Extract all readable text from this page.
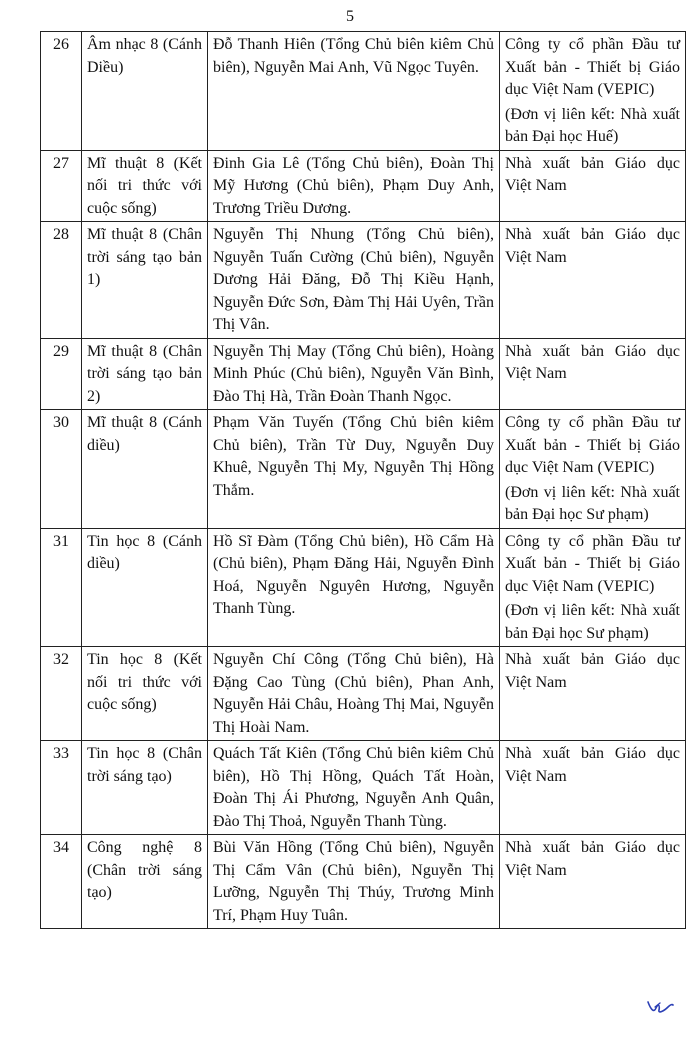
5
26	Âm nhạc 8 (Cánh Diều)	Đỗ Thanh Hiên (Tổng Chủ biên kiêm Chủ biên), Nguyễn Mai Anh, Vũ Ngọc Tuyên.	Công ty cổ phần Đầu tư Xuất bản - Thiết bị Giáo dục Việt Nam (VEPIC)
(Đơn vị liên kết: Nhà xuất bản Đại học Huế)

27	Mĩ thuật 8 (Kết nối tri thức với cuộc sống)	Đinh Gia Lê (Tổng Chủ biên), Đoàn Thị Mỹ Hương (Chủ biên), Phạm Duy Anh, Trương Triều Dương.	Nhà xuất bản Giáo dục Việt Nam

28	Mĩ thuật 8 (Chân trời sáng tạo bản 1)	Nguyễn Thị Nhung (Tổng Chủ biên), Nguyễn Tuấn Cường (Chủ biên), Nguyễn Dương Hải Đăng, Đỗ Thị Kiều Hạnh, Nguyễn Đức Sơn, Đàm Thị Hải Uyên, Trần Thị Vân.	Nhà xuất bản Giáo dục Việt Nam

29	Mĩ thuật 8 (Chân trời sáng tạo bản 2)	Nguyễn Thị May (Tổng Chủ biên), Hoàng Minh Phúc (Chủ biên), Nguyễn Văn Bình, Đào Thị Hà, Trần Đoàn Thanh Ngọc.	Nhà xuất bản Giáo dục Việt Nam

30	Mĩ thuật 8 (Cánh diều)	Phạm Văn Tuyến (Tổng Chủ biên kiêm Chủ biên), Trần Từ Duy, Nguyễn Duy Khuê, Nguyễn Thị My, Nguyễn Thị Hồng Thắm.	Công ty cổ phần Đầu tư Xuất bản - Thiết bị Giáo dục Việt Nam (VEPIC)
(Đơn vị liên kết: Nhà xuất bản Đại học Sư phạm)

31	Tin học 8 (Cánh diều)	Hồ Sĩ Đàm (Tổng Chủ biên), Hồ Cẩm Hà (Chủ biên), Phạm Đăng Hải, Nguyễn Đình Hoá, Nguyễn Nguyên Hương, Nguyễn Thanh Tùng.	Công ty cổ phần Đầu tư Xuất bản - Thiết bị Giáo dục Việt Nam (VEPIC)
(Đơn vị liên kết: Nhà xuất bản Đại học Sư phạm)

32	Tin học 8 (Kết nối tri thức với cuộc sống)	Nguyễn Chí Công (Tổng Chủ biên), Hà Đặng Cao Tùng (Chủ biên), Phan Anh, Nguyễn Hải Châu, Hoàng Thị Mai, Nguyễn Thị Hoài Nam.	Nhà xuất bản Giáo dục Việt Nam

33	Tin học 8 (Chân trời sáng tạo)	Quách Tất Kiên (Tổng Chủ biên kiêm Chủ biên), Hồ Thị Hồng, Quách Tất Hoàn, Đoàn Thị Ái Phương, Nguyễn Anh Quân, Đào Thị Thoả, Nguyễn Thanh Tùng.	Nhà xuất bản Giáo dục Việt Nam

34	Công nghệ 8 (Chân trời sáng tạo)	Bùi Văn Hồng (Tổng Chủ biên), Nguyễn Thị Cẩm Vân (Chủ biên), Nguyễn Thị Lưỡng, Nguyễn Thị Thúy, Trương Minh Trí, Phạm Huy Tuân.	Nhà xuất bản Giáo dục Việt Nam
